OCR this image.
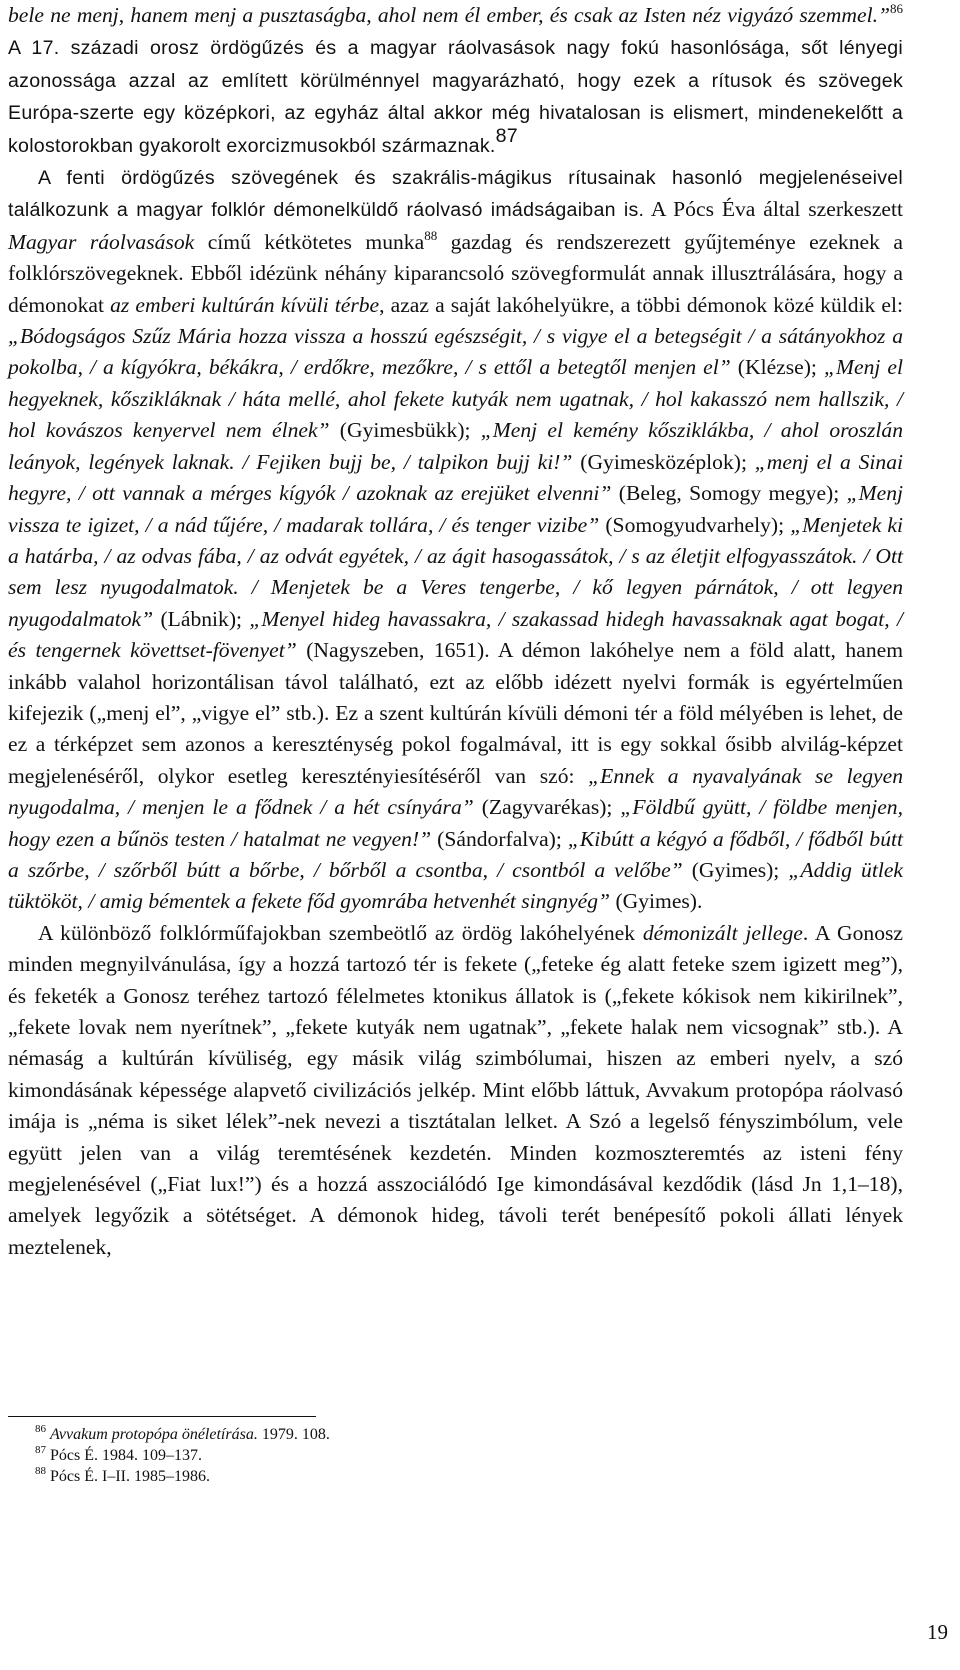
bele ne menj, hanem menj a pusztaságba, ahol nem él ember, és csak az Isten néz vigyázó szemmel.”$^{86}$ A 17. századi orosz ördögűzés és a magyar ráolvasások nagy fokú hasonlósága, sőt lényegi azonossága azzal az említett körülménnyel magyarázható, hogy ezek a rítusok és szövegek Európa-szerte egy középkori, az egyház által akkor még hivatalosan is elismert, mindenekelőtt a kolostorokban gyakorolt exorcizmusokból származnak.$^{87}$

A fenti ördögűzés szövegének és szakrális-mágikus rítusainak hasonló megjelenéseivel találkozunk a magyar folklór démonelküldő ráolvasó imádságaiban is. A Pócs Éva által szerkeszett Magyar ráolvasások című kétkötetes munka$^{88}$ gazdag és rendszerezett gyűjteménye ezeknek a folklórszövegeknek. Ebből idézünk néhány kiparancsoló szövegformulát annak illusztrálására, hogy a démonokat az emberi kultúrán kívüli térbe, azaz a saját lakóhelyükre, a többi démonok közé küldik el: „Bódogságos Szűz Mária hozza vissza a hosszú egészségit, / s vigye el a betegségit / a sátányokhoz a pokolba, / a kígyókra, békákra, / erdőkre, mezőkre, / s ettől a betegtől menjen el” (Klézse); „Menj el hegyeknek, kőszikláknak / háta mellé, ahol fekete kutyák nem ugatnak, / hol kakasszó nem hallszik, / hol kovászos kenyervel nem élnek” (Gyimesbükk); „Menj el kemény kősziklákba, / ahol oroszlán leányok, legények laknak. / Fejiken bujj be, / talpikon bujj ki!” (Gyimesközéplok); „menj el a Sinai hegyre, / ott vannak a mérges kígyók / azoknak az erejüket elvenni” (Beleg, Somogy megye); „Menj vissza te igizet, / a nád tűjére, / madarak tollára, / és tenger vizibe” (Somogyudvarhely); „Menjetek ki a határba, / az odvas fába, / az odvát egyétek, / az ágit hasogassátok, / s az életjit elfogyasszátok. / Ott sem lesz nyugodalmatok. / Menjetek be a Veres tengerbe, / kő legyen párnátok, / ott legyen nyugodalmatok” (Lábnik); „Menyel hideg havassakra, / szakassad hidegh havassaknak agat bogat, / és tengernek követtset-fövenyet” (Nagyszeben, 1651). A démon lakóhelye nem a föld alatt, hanem inkább valahol horizontálisan távol található, ezt az előbb idézett nyelvi formák is egyértelműen kifejezik („menj el”, „vigye el” stb.). Ez a szent kultúrán kívüli démoni tér a föld mélyében is lehet, de ez a térképzet sem azonos a kereszténység pokol fogalmával, itt is egy sokkal ősibb alvilág-képzet megjelenéséről, olykor esetleg keresztényiesítéséről van szó: „Ennek a nyavalyának se legyen nyugodalma, / menjen le a fődnek / a hét csínyára” (Zagyvarékas); „Földbű gyütt, / földbe menjen, hogy ezen a bűnös testen / hatalmat ne vegyen!” (Sándorfalva); „Kibútt a kégyó a fődből, / fődből bútt a szőrbe, / szőrből bútt a bőrbe, / bőrből a csontba, / csontból a velőbe” (Gyimes); „Addig ütlek tüktököt, / amig bémentek a fekete főd gyomrába hetvenhét singnyég” (Gyimes).

A különböző folklórműfajokban szembeötlő az ördög lakóhelyének démonizált jellege. A Gonosz minden megnyilvánulása, így a hozzá tartozó tér is fekete („feteke ég alatt feteke szem igizett meg”), és feketék a Gonosz teréhez tartozó félelmetes ktonikus állatok is („fekete kókisok nem kikirilnek”, „fekete lovak nem nyerítnek”, „fekete kutyák nem ugatnak”, „fekete halak nem vicsognak” stb.). A némaság a kultúrán kívüliség, egy másik világ szimbólumai, hiszen az emberi nyelv, a szó kimondásának képessége alapvető civilizációs jelkép. Mint előbb láttuk, Avvakum protopópa ráolvasó imája is „néma is siket lélek”-nek nevezi a tisztátalan lelket. A Szó a legelső fényszimbólum, vele együtt jelen van a világ teremtésének kezdetén. Minden kozmoszteremtés az isteni fény megjelenésével („Fiat lux!”) és a hozzá asszociálódó Ige kimondásával kezdődik (lásd Jn 1,1–18), amelyek legyőzik a sötétséget. A démonok hideg, távoli terét benépesítő pokoli állati lények meztelenek,

$^{86}$ Avvakum protopópa önéletírása. 1979. 108.
$^{87}$ Pócs É. 1984. 109–137.
$^{88}$ Pócs É. I–II. 1985–1986.
19
